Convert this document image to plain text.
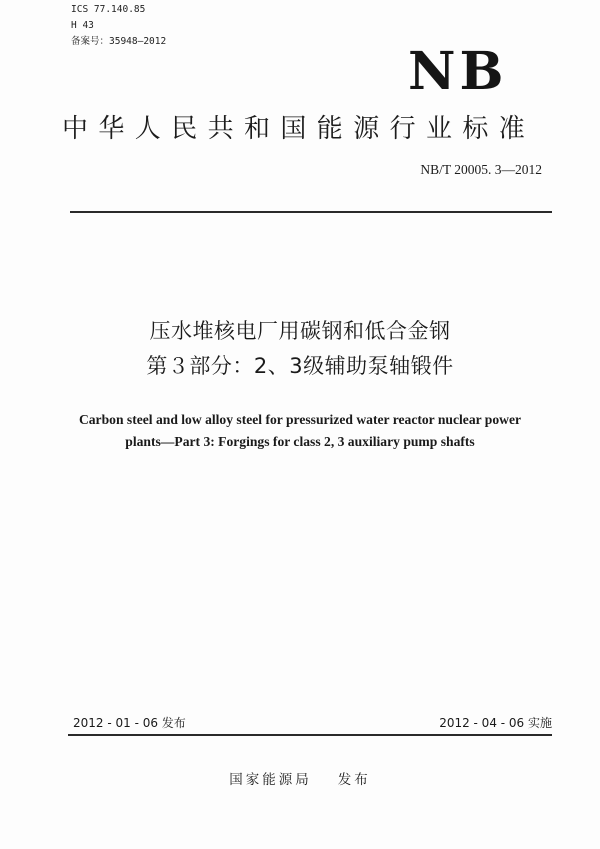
ICS 77.140.85
H 43
备案号：35948—2012	NB
中华人民共和国能源行业标准
NB/T 20005. 3—2012
压水堆核电厂用碳钢和低合金钢
第３部分：2、3级辅助泵轴锻件
Carbon steel and low alloy steel for pressurized water reactor nuclear power plants—Part 3: Forgings for class 2, 3 auxiliary pump shafts
2012 - 01 - 06 发布	2012 - 04 - 06 实施
国家能源局 发布
